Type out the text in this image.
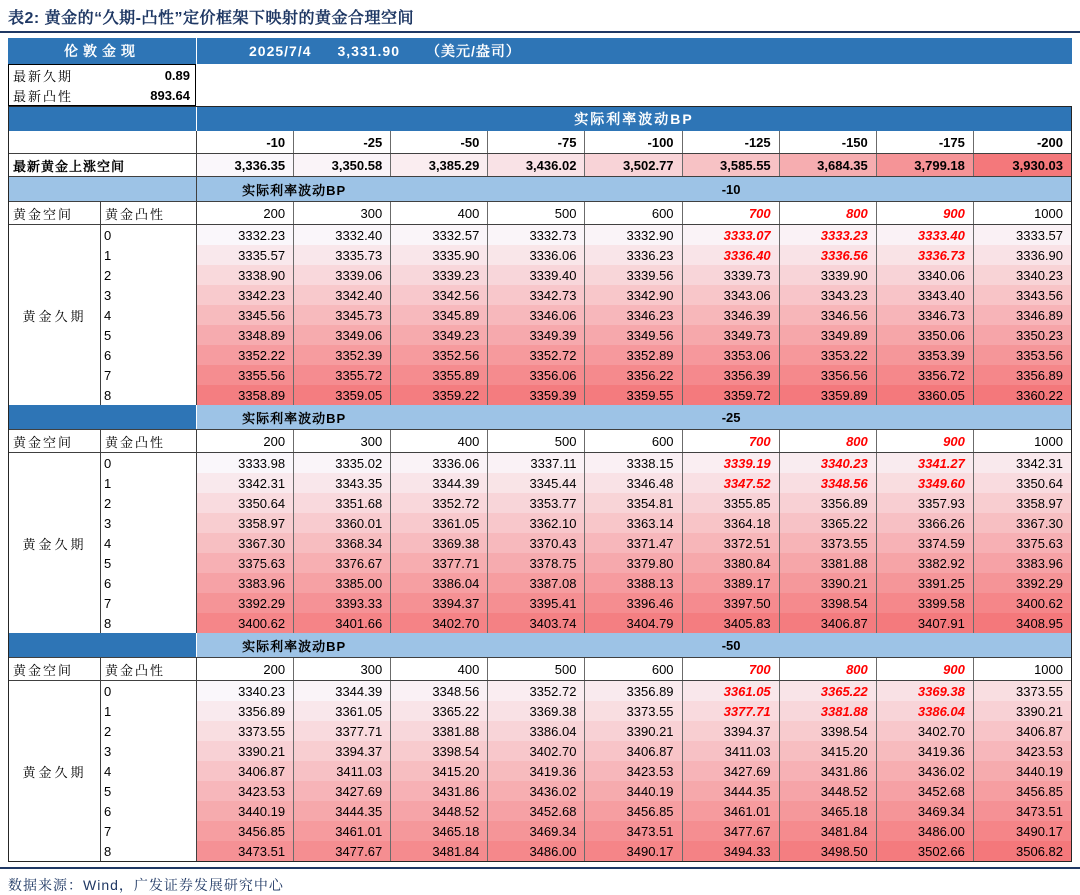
表2: 黄金的“久期-凸性”定价框架下映射的黄金合理空间
伦敦金现	2025/7/4 3,331.90 （美元/盎司）
最新久期	0.89
最新凸性	893.64
实际利率波动BP
-10	-25	-50	-75	-100	-125	-150	-175	-200
最新黄金上涨空间	3,336.35	3,350.58	3,385.29	3,436.02	3,502.77	3,585.55	3,684.35	3,799.18	3,930.03
实际利率波动BP	-10
黄金空间	黄金凸性	200	300	400	500	600	700	800	900	1000
黄金久期
0	3332.23	3332.40	3332.57	3332.73	3332.90	3333.07	3333.23	3333.40	3333.57
1	3335.57	3335.73	3335.90	3336.06	3336.23	3336.40	3336.56	3336.73	3336.90
2	3338.90	3339.06	3339.23	3339.40	3339.56	3339.73	3339.90	3340.06	3340.23
3	3342.23	3342.40	3342.56	3342.73	3342.90	3343.06	3343.23	3343.40	3343.56
4	3345.56	3345.73	3345.89	3346.06	3346.23	3346.39	3346.56	3346.73	3346.89
5	3348.89	3349.06	3349.23	3349.39	3349.56	3349.73	3349.89	3350.06	3350.23
6	3352.22	3352.39	3352.56	3352.72	3352.89	3353.06	3353.22	3353.39	3353.56
7	3355.56	3355.72	3355.89	3356.06	3356.22	3356.39	3356.56	3356.72	3356.89
8	3358.89	3359.05	3359.22	3359.39	3359.55	3359.72	3359.89	3360.05	3360.22
实际利率波动BP	-25
黄金空间	黄金凸性	200	300	400	500	600	700	800	900	1000
黄金久期
0	3333.98	3335.02	3336.06	3337.11	3338.15	3339.19	3340.23	3341.27	3342.31
1	3342.31	3343.35	3344.39	3345.44	3346.48	3347.52	3348.56	3349.60	3350.64
2	3350.64	3351.68	3352.72	3353.77	3354.81	3355.85	3356.89	3357.93	3358.97
3	3358.97	3360.01	3361.05	3362.10	3363.14	3364.18	3365.22	3366.26	3367.30
4	3367.30	3368.34	3369.38	3370.43	3371.47	3372.51	3373.55	3374.59	3375.63
5	3375.63	3376.67	3377.71	3378.75	3379.80	3380.84	3381.88	3382.92	3383.96
6	3383.96	3385.00	3386.04	3387.08	3388.13	3389.17	3390.21	3391.25	3392.29
7	3392.29	3393.33	3394.37	3395.41	3396.46	3397.50	3398.54	3399.58	3400.62
8	3400.62	3401.66	3402.70	3403.74	3404.79	3405.83	3406.87	3407.91	3408.95
实际利率波动BP	-50
黄金空间	黄金凸性	200	300	400	500	600	700	800	900	1000
黄金久期
0	3340.23	3344.39	3348.56	3352.72	3356.89	3361.05	3365.22	3369.38	3373.55
1	3356.89	3361.05	3365.22	3369.38	3373.55	3377.71	3381.88	3386.04	3390.21
2	3373.55	3377.71	3381.88	3386.04	3390.21	3394.37	3398.54	3402.70	3406.87
3	3390.21	3394.37	3398.54	3402.70	3406.87	3411.03	3415.20	3419.36	3423.53
4	3406.87	3411.03	3415.20	3419.36	3423.53	3427.69	3431.86	3436.02	3440.19
5	3423.53	3427.69	3431.86	3436.02	3440.19	3444.35	3448.52	3452.68	3456.85
6	3440.19	3444.35	3448.52	3452.68	3456.85	3461.01	3465.18	3469.34	3473.51
7	3456.85	3461.01	3465.18	3469.34	3473.51	3477.67	3481.84	3486.00	3490.17
8	3473.51	3477.67	3481.84	3486.00	3490.17	3494.33	3498.50	3502.66	3506.82
数据来源：Wind，广发证券发展研究中心
